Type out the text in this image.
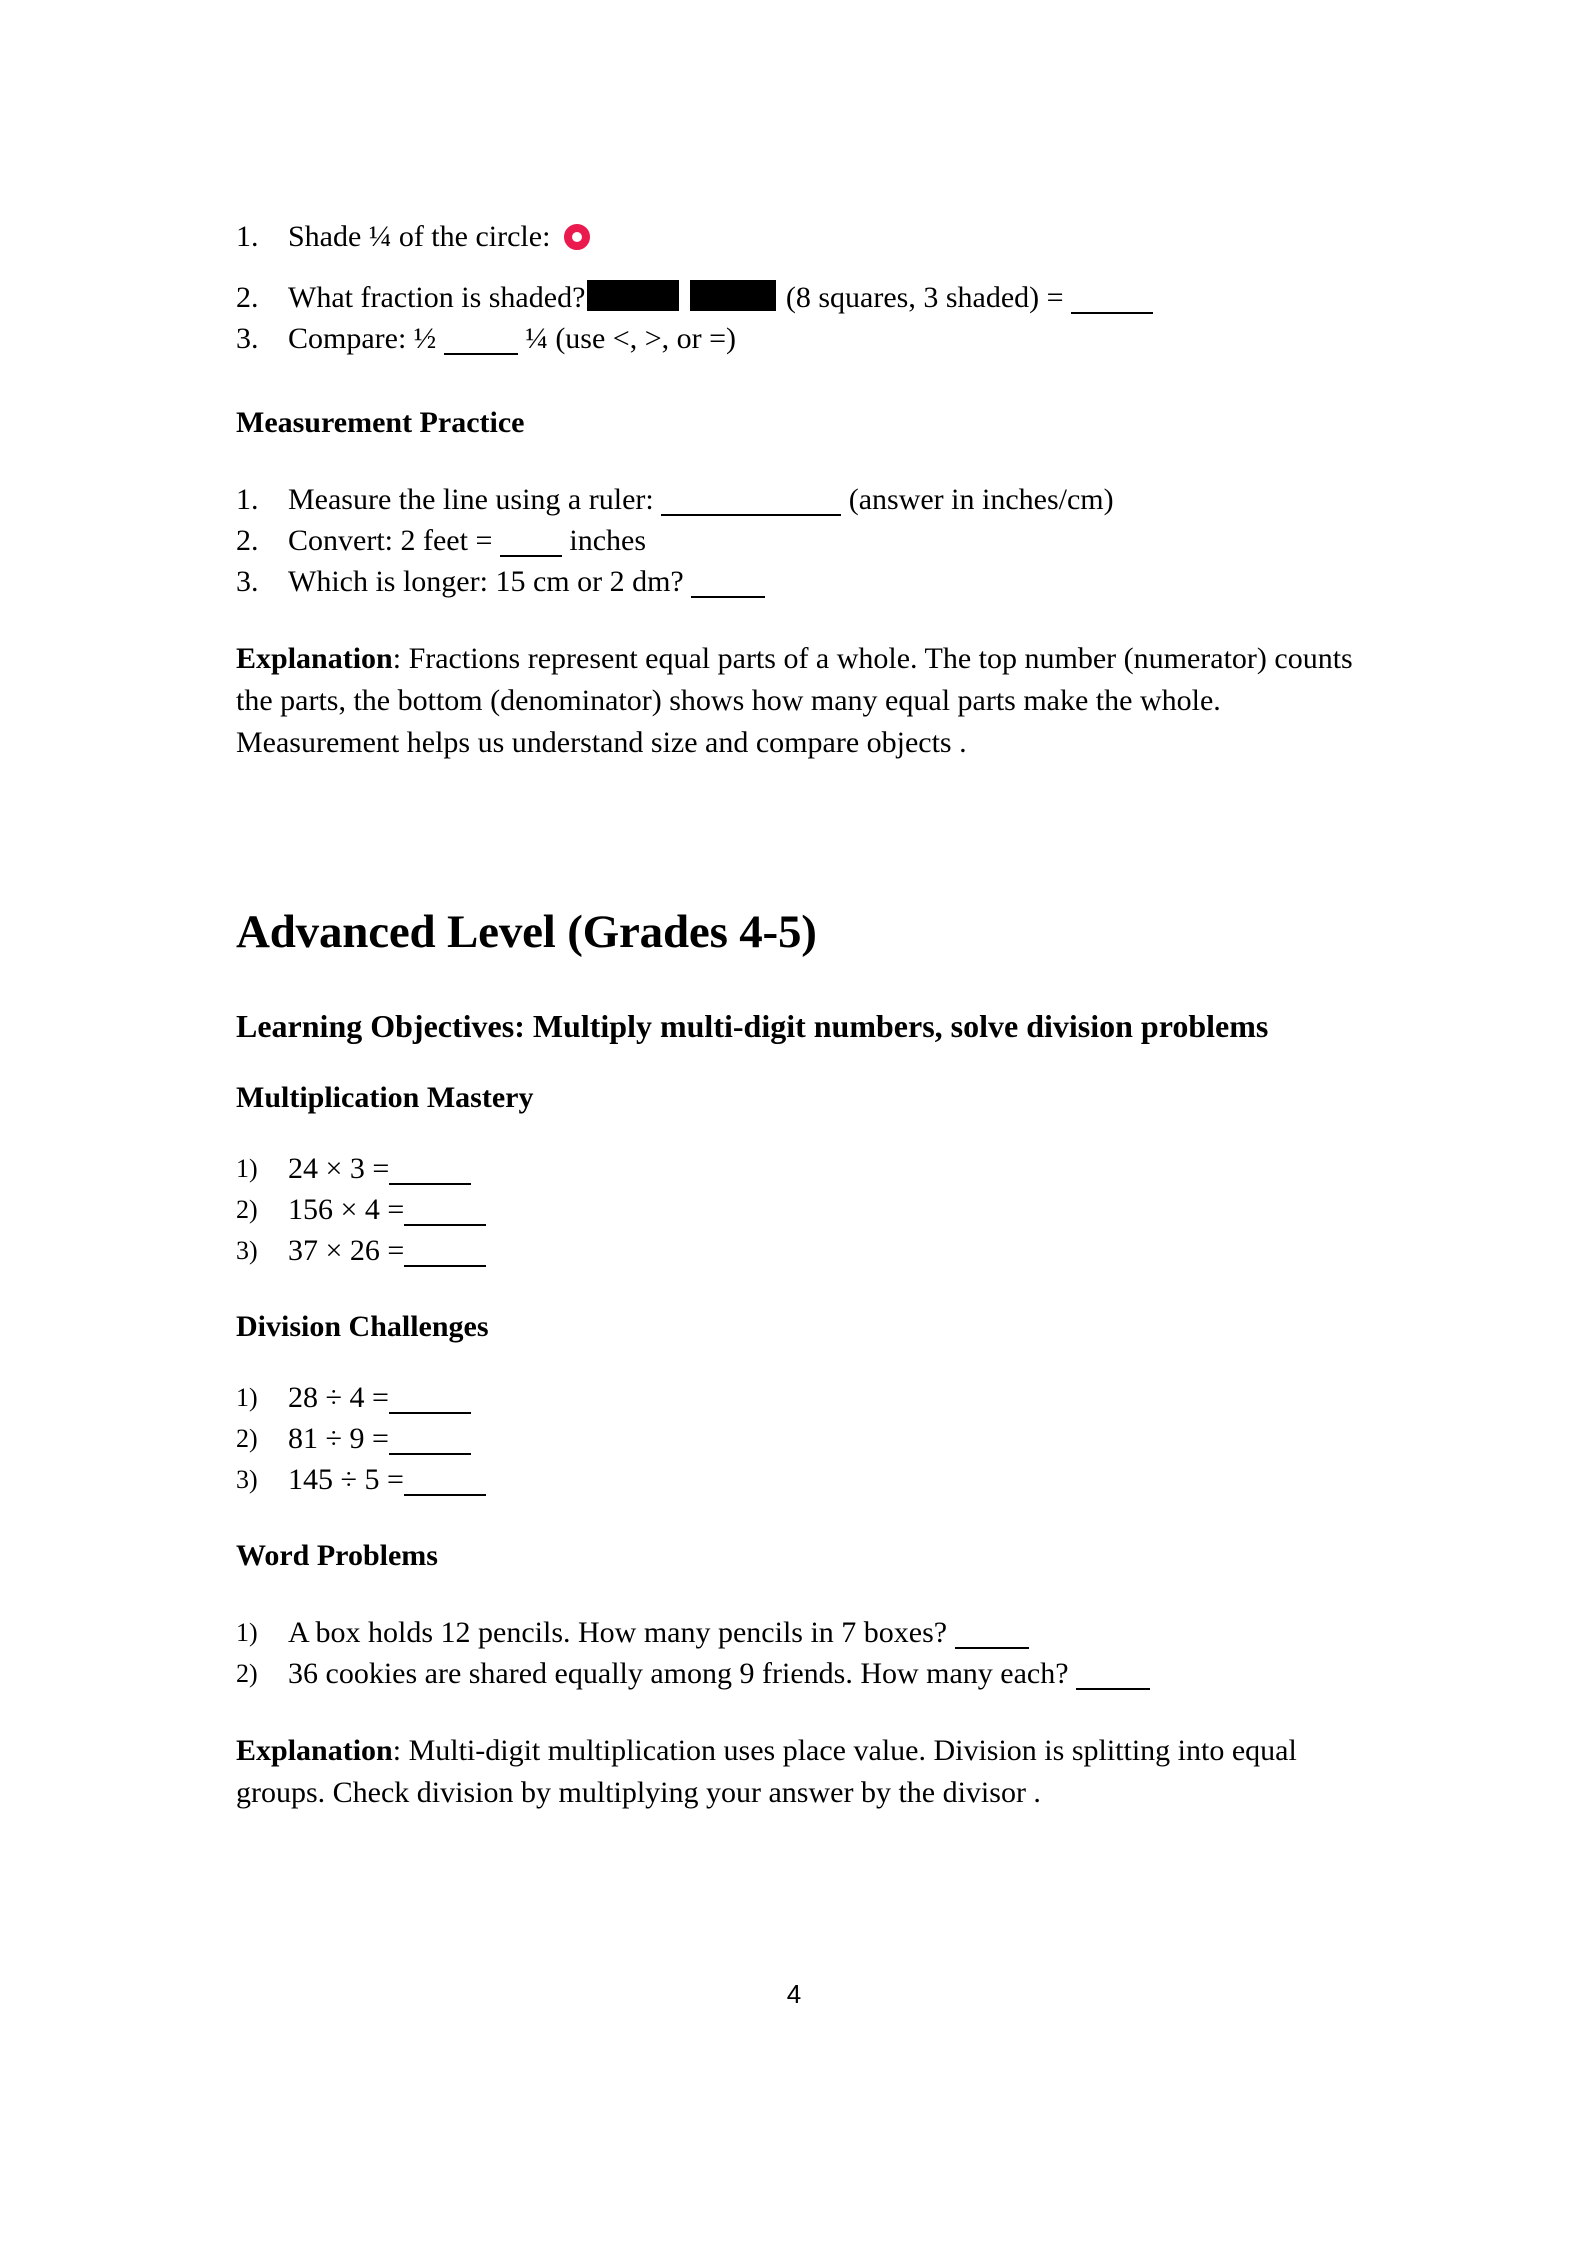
1. Shade ¼ of the circle:
2. What fraction is shaded?	(8 squares, 3 shaded) =
3. Compare: ½	¼ (use <, >, or =)
Measurement Practice
1. Measure the line using a ruler:	(answer in inches/cm)
2. Convert: 2 feet =	inches
3. Which is longer: 15 cm or 2 dm?

Explanation: Fractions represent equal parts of a whole. The top number (numerator) counts the parts, the bottom (denominator) shows how many equal parts make the whole. Measurement helps us understand size and compare objects .

Advanced Level (Grades 4-5)
Learning Objectives: Multiply multi-digit numbers, solve division problems
Multiplication Mastery
1)	24 × 3 =
2)	156 × 4 =
3)	37 × 26 =
Division Challenges
1)	28 ÷ 4 =
2)	81 ÷ 9 =
3)	145 ÷ 5 =
Word Problems
1)	A box holds 12 pencils. How many pencils in 7 boxes?
2)	36 cookies are shared equally among 9 friends. How many each?

Explanation: Multi-digit multiplication uses place value. Division is splitting into equal groups. Check division by multiplying your answer by the divisor .

4
